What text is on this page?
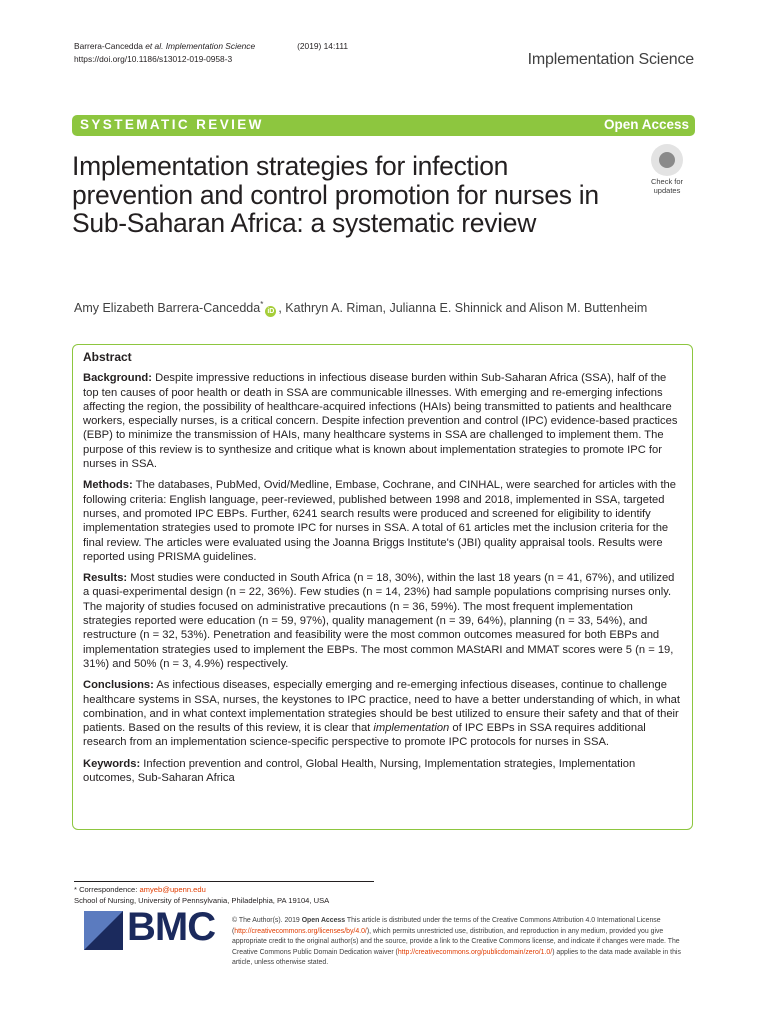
Barrera-Cancedda et al. Implementation Science	(2019) 14:111
https://doi.org/10.1186/s13012-019-0958-3	Implementation Science
SYSTEMATIC REVIEW	Open Access
Implementation strategies for infection prevention and control promotion for nurses in Sub-Saharan Africa: a systematic review
Check for
updates
Amy Elizabeth Barrera-Cancedda*iD , Kathryn A. Riman, Julianna E. Shinnick and Alison M. Buttenheim
Abstract

Background: Despite impressive reductions in infectious disease burden within Sub-Saharan Africa (SSA), half of the top ten causes of poor health or death in SSA are communicable illnesses. With emerging and re-emerging infections affecting the region, the possibility of healthcare-acquired infections (HAIs) being transmitted to patients and healthcare workers, especially nurses, is a critical concern. Despite infection prevention and control (IPC) evidence-based practices (EBP) to minimize the transmission of HAIs, many healthcare systems in SSA are challenged to implement them. The purpose of this review is to synthesize and critique what is known about implementation strategies to promote IPC for nurses in SSA.

Methods: The databases, PubMed, Ovid/Medline, Embase, Cochrane, and CINHAL, were searched for articles with the following criteria: English language, peer-reviewed, published between 1998 and 2018, implemented in SSA, targeted nurses, and promoted IPC EBPs. Further, 6241 search results were produced and screened for eligibility to identify implementation strategies used to promote IPC for nurses in SSA. A total of 61 articles met the inclusion criteria for the final review. The articles were evaluated using the Joanna Briggs Institute's (JBI) quality appraisal tools. Results were reported using PRISMA guidelines.

Results: Most studies were conducted in South Africa (n = 18, 30%), within the last 18 years (n = 41, 67%), and utilized a quasi-experimental design (n = 22, 36%). Few studies (n = 14, 23%) had sample populations comprising nurses only. The majority of studies focused on administrative precautions (n = 36, 59%). The most frequent implementation strategies reported were education (n = 59, 97%), quality management (n = 39, 64%), planning (n = 33, 54%), and restructure (n = 32, 53%). Penetration and feasibility were the most common outcomes measured for both EBPs and implementation strategies used to implement the EBPs. The most common MAStARI and MMAT scores were 5 (n = 19, 31%) and 50% (n = 3, 4.9%) respectively.

Conclusions: As infectious diseases, especially emerging and re-emerging infectious diseases, continue to challenge healthcare systems in SSA, nurses, the keystones to IPC practice, need to have a better understanding of which, in what combination, and in what context implementation strategies should be best utilized to ensure their safety and that of their patients. Based on the results of this review, it is clear that implementation of IPC EBPs in SSA requires additional research from an implementation science-specific perspective to promote IPC protocols for nurses in SSA.

Keywords: Infection prevention and control, Global Health, Nursing, Implementation strategies, Implementation outcomes, Sub-Saharan Africa

* Correspondence: amyeb@upenn.edu
School of Nursing, University of Pennsylvania, Philadelphia, PA 19104, USA
BMC © The Author(s). 2019 Open Access This article is distributed under the terms of the Creative Commons Attribution 4.0 International License (http://creativecommons.org/licenses/by/4.0/), which permits unrestricted use, distribution, and reproduction in any medium, provided you give appropriate credit to the original author(s) and the source, provide a link to the Creative Commons license, and indicate if changes were made. The Creative Commons Public Domain Dedication waiver (http://creativecommons.org/publicdomain/zero/1.0/) applies to the data made available in this article, unless otherwise stated.
